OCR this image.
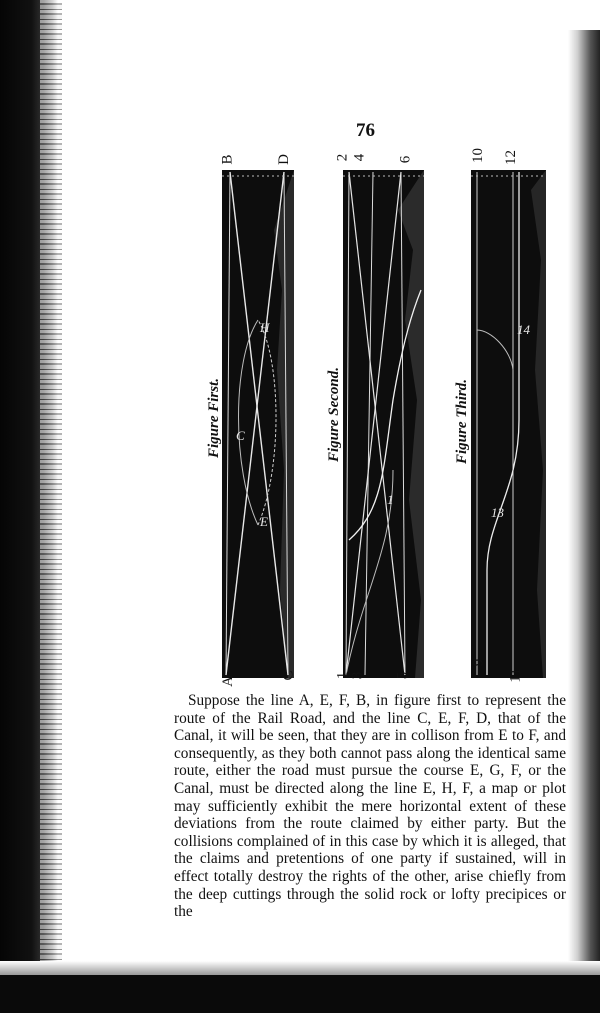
76
C
E
H
B	D
A
C
Figure First.
1
2 4 6
1 3 5
Figure Second.
13
14
10 12
9
11
Figure Third.

Suppose the line A, E, F, B, in figure first to represent the route of the Rail Road, and the line C, E, F, D, that of the Canal, it will be seen, that they are in collison from E to F, and consequently, as they both cannot pass along the identical same route, either the road must pursue the course E, G, F, or the Canal, must be directed along the line E, H, F, a map or plot may sufficiently exhibit the mere horizontal extent of these deviations from the route claimed by either party. But the collisions complained of in this case by which it is alleged, that the claims and pretentions of one party if sustained, will in effect totally destroy the rights of the other, arise chiefly from the deep cuttings through the solid rock or lofty precipices or the
